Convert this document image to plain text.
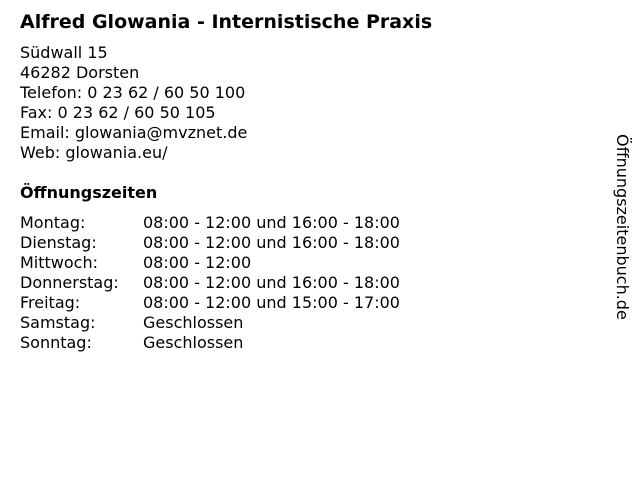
Alfred Glowania - Internistische Praxis
Südwall 15
46282 Dorsten
Telefon: 0 23 62 / 60 50 100
Fax: 0 23 62 / 60 50 105
Email: glowania@mvznet.de
Web: glowania.eu/
Öffnungszeiten
Montag:	08:00 - 12:00 und 16:00 - 18:00
Dienstag:	08:00 - 12:00 und 16:00 - 18:00
Mittwoch:	08:00 - 12:00
Donnerstag: 08:00 - 12:00 und 16:00 - 18:00
Freitag:	08:00 - 12:00 und 15:00 - 17:00
Samstag:	Geschlossen
Sonntag:	Geschlossen
Öffnungszeitenbuch.de
